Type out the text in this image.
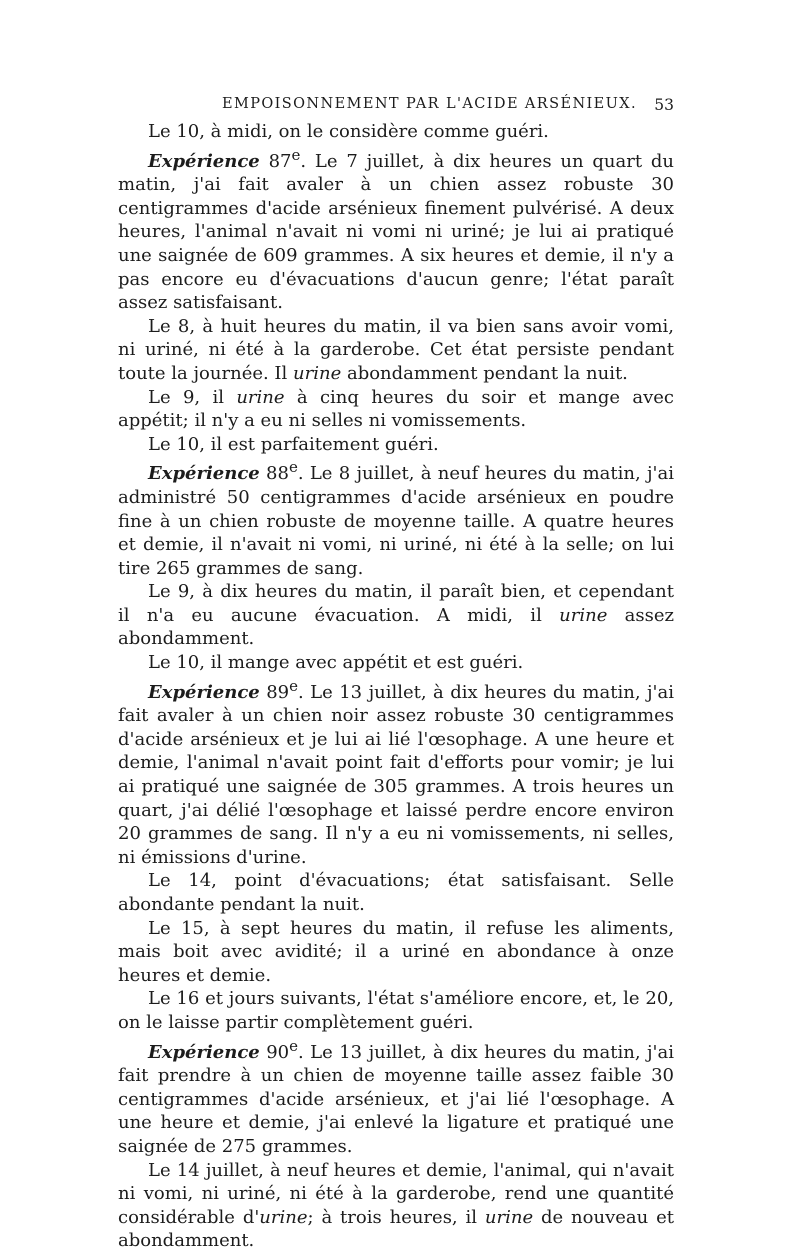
EMPOISONNEMENT PAR L'ACIDE ARSÉNIEUX. 53

Le 10, à midi, on le considère comme guéri.

Expérience 87e. Le 7 juillet, à dix heures un quart du matin, j'ai fait avaler à un chien assez robuste 30 centigrammes d'acide arsénieux finement pulvérisé. A deux heures, l'animal n'avait ni vomi ni uriné; je lui ai pratiqué une saignée de 609 grammes. A six heures et demie, il n'y a pas encore eu d'évacuations d'aucun genre; l'état paraît assez satisfaisant.

Le 8, à huit heures du matin, il va bien sans avoir vomi, ni uriné, ni été à la garderobe. Cet état persiste pendant toute la journée. Il urine abondamment pendant la nuit.

Le 9, il urine à cinq heures du soir et mange avec appétit; il n'y a eu ni selles ni vomissements.

Le 10, il est parfaitement guéri.

Expérience 88e. Le 8 juillet, à neuf heures du matin, j'ai administré 50 centigrammes d'acide arsénieux en poudre fine à un chien robuste de moyenne taille. A quatre heures et demie, il n'avait ni vomi, ni uriné, ni été à la selle; on lui tire 265 grammes de sang.

Le 9, à dix heures du matin, il paraît bien, et cependant il n'a eu aucune évacuation. A midi, il urine assez abondamment.

Le 10, il mange avec appétit et est guéri.

Expérience 89e. Le 13 juillet, à dix heures du matin, j'ai fait avaler à un chien noir assez robuste 30 centigrammes d'acide arsénieux et je lui ai lié l'œsophage. A une heure et demie, l'animal n'avait point fait d'efforts pour vomir; je lui ai pratiqué une saignée de 305 grammes. A trois heures un quart, j'ai délié l'œsophage et laissé perdre encore environ 20 grammes de sang. Il n'y a eu ni vomissements, ni selles, ni émissions d'urine.

Le 14, point d'évacuations; état satisfaisant. Selle abondante pendant la nuit.

Le 15, à sept heures du matin, il refuse les aliments, mais boit avec avidité; il a uriné en abondance à onze heures et demie.

Le 16 et jours suivants, l'état s'améliore encore, et, le 20, on le laisse partir complètement guéri.

Expérience 90e. Le 13 juillet, à dix heures du matin, j'ai fait prendre à un chien de moyenne taille assez faible 30 centigrammes d'acide arsénieux, et j'ai lié l'œsophage. A une heure et demie, j'ai enlevé la ligature et pratiqué une saignée de 275 grammes.

Le 14 juillet, à neuf heures et demie, l'animal, qui n'avait ni vomi, ni uriné, ni été à la garderobe, rend une quantité considérable d'urine; à trois heures, il urine de nouveau et abondamment.
